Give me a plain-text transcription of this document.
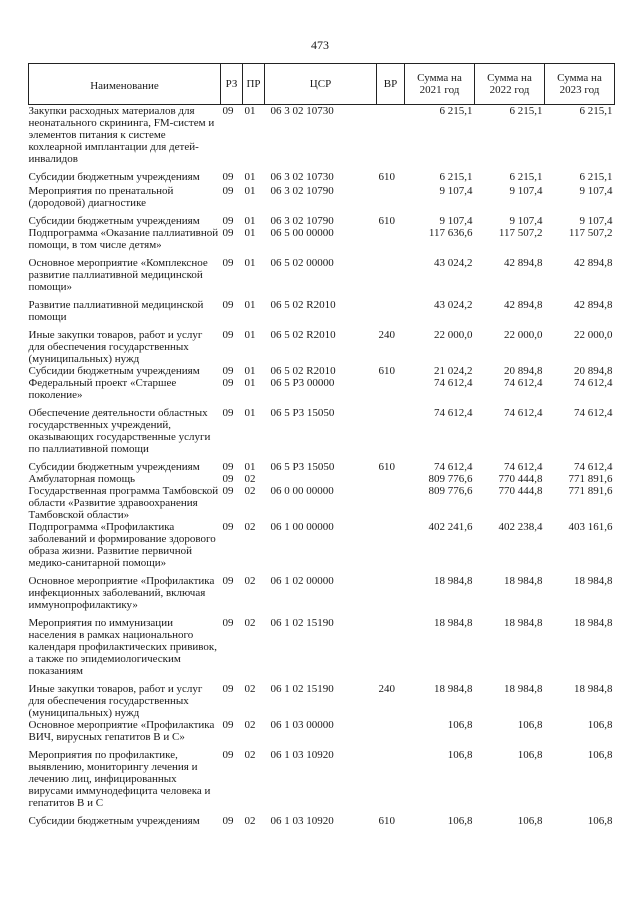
473
Наименование	РЗ	ПР	ЦСР	ВР	Сумма на 2021 год	Сумма на 2022 год	Сумма на 2023 год
Закупки расходных материалов для неонатального скрининга, FM-систем и элементов питания к системе кохлеарной имплантации для детей-инвалидов	09	01	06 3 02 10730		6 215,1	6 215,1	6 215,1
Субсидии бюджетным учреждениям	09	01	06 3 02 10730	610	6 215,1	6 215,1	6 215,1
Мероприятия по пренатальной (дородовой) диагностике	09	01	06 3 02 10790		9 107,4	9 107,4	9 107,4
Субсидии бюджетным учреждениям	09	01	06 3 02 10790	610	9 107,4	9 107,4	9 107,4
Подпрограмма «Оказание паллиативной помощи, в том числе детям»	09	01	06 5 00 00000		117 636,6	117 507,2	117 507,2
Основное мероприятие «Комплексное развитие паллиативной медицинской помощи»	09	01	06 5 02 00000		43 024,2	42 894,8	42 894,8
Развитие паллиативной медицинской помощи	09	01	06 5 02 R2010		43 024,2	42 894,8	42 894,8
Иные закупки товаров, работ и услуг для обеспечения государственных (муниципальных) нужд	09	01	06 5 02 R2010	240	22 000,0	22 000,0	22 000,0
Субсидии бюджетным учреждениям	09	01	06 5 02 R2010	610	21 024,2	20 894,8	20 894,8
Федеральный проект «Старшее поколение»	09	01	06 5 P3 00000		74 612,4	74 612,4	74 612,4
Обеспечение деятельности областных государственных учреждений, оказывающих государственные услуги по паллиативной помощи	09	01	06 5 P3 15050		74 612,4	74 612,4	74 612,4
Субсидии бюджетным учреждениям	09	01	06 5 P3 15050	610	74 612,4	74 612,4	74 612,4
Амбулаторная помощь	09	02			809 776,6	770 444,8	771 891,6
Государственная программа Тамбовской области «Развитие здравоохранения Тамбовской области»	09	02	06 0 00 00000		809 776,6	770 444,8	771 891,6
Подпрограмма «Профилактика заболеваний и формирование здорового образа жизни. Развитие первичной медико-санитарной помощи»	09	02	06 1 00 00000		402 241,6	402 238,4	403 161,6
Основное мероприятие «Профилактика инфекционных заболеваний, включая иммунопрофилактику»	09	02	06 1 02 00000		18 984,8	18 984,8	18 984,8
Мероприятия по иммунизации населения в рамках национального календаря профилактических прививок, а также по эпидемиологическим показаниям	09	02	06 1 02 15190		18 984,8	18 984,8	18 984,8
Иные закупки товаров, работ и услуг для обеспечения государственных (муниципальных) нужд	09	02	06 1 02 15190	240	18 984,8	18 984,8	18 984,8
Основное мероприятие «Профилактика ВИЧ, вирусных гепатитов В и С»	09	02	06 1 03 00000		106,8	106,8	106,8
Мероприятия по профилактике, выявлению, мониторингу лечения и лечению лиц, инфицированных вирусами иммунодефицита человека и гепатитов В и С	09	02	06 1 03 10920		106,8	106,8	106,8
Субсидии бюджетным учреждениям	09	02	06 1 03 10920	610	106,8	106,8	106,8
